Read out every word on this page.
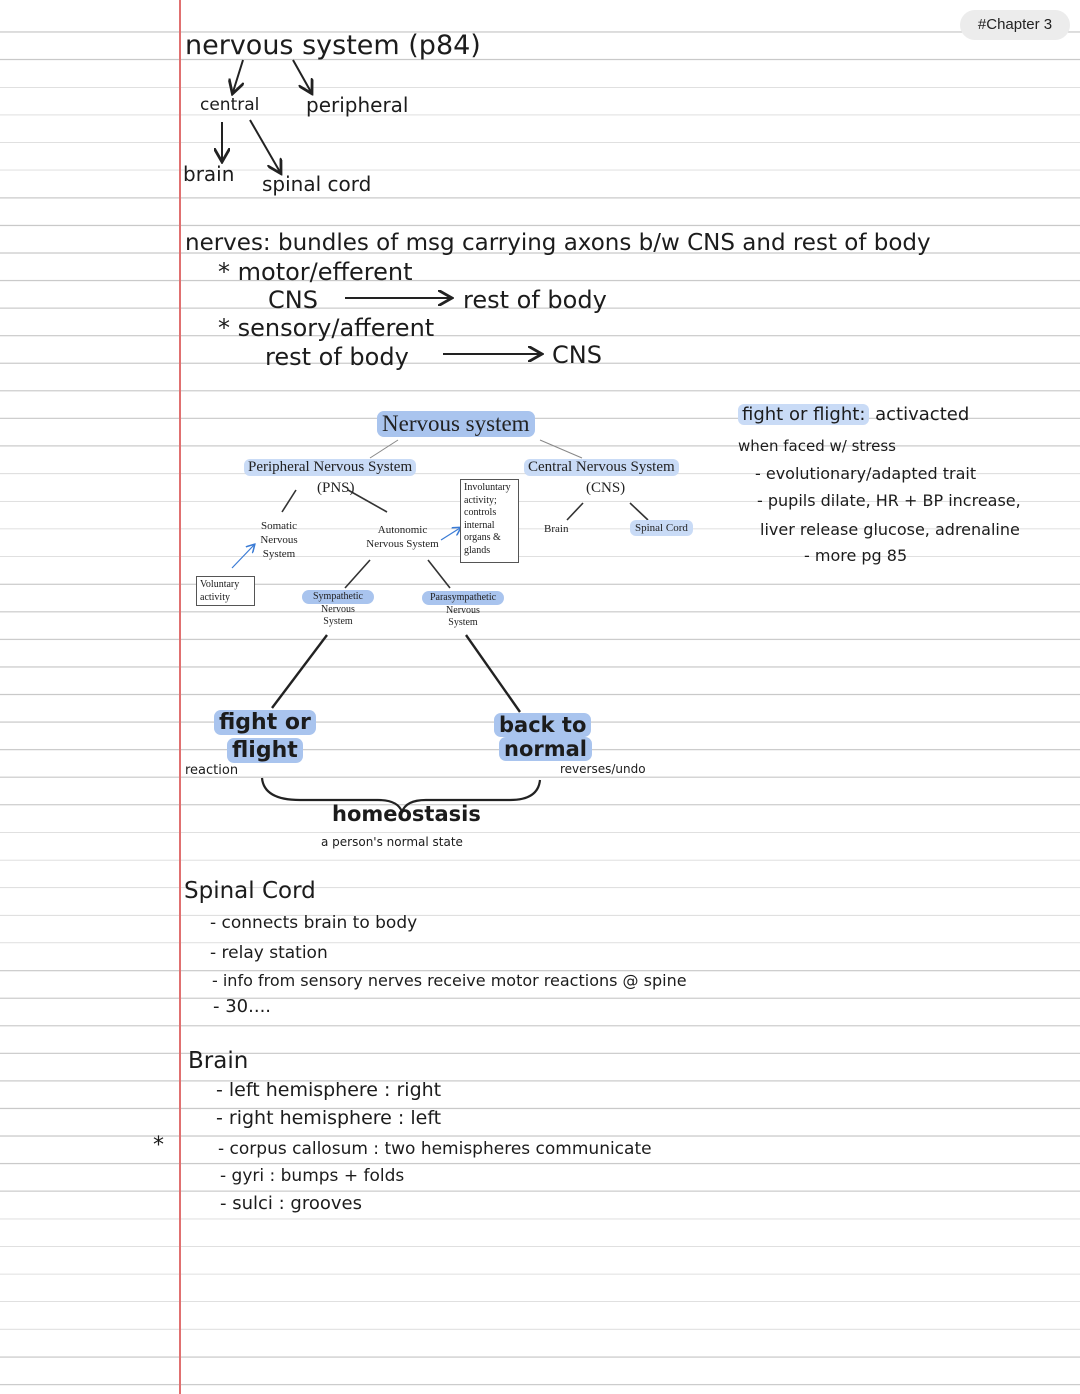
#Chapter 3
nervous system (p84)
central peripheral
brain spinal cord
nerves: bundles of msg carrying axons b/w CNS and rest of body
* motor/efferent
CNS	rest of body
* sensory/afferent
rest of body	CNS
Nervous system
Peripheral Nervous System
(PNS)
Central Nervous System
(CNS)
Somatic
Nervous
System
Autonomic
Nervous System
Involuntary
activity;
controls
internal
organs &
glands
Voluntary
activity
Brain	Spinal Cord
Sympathetic
Nervous
System
Parasympathetic
Nervous
System
fight or
flight
reaction
back to
normal
reverses/undo
homeostasis
a person's normal state
fight or flight: activacted
when faced w/ stress
- evolutionary/adapted trait
- pupils dilate, HR + BP increase,
liver release glucose, adrenaline
- more pg 85
Spinal Cord
- connects brain to body
- relay station
- info from sensory nerves receive motor reactions @ spine
- 30....
Brain
- left hemisphere : right
- right hemisphere : left
- corpus callosum : two hemispheres communicate
- gyri : bumps + folds
- sulci : grooves
*
